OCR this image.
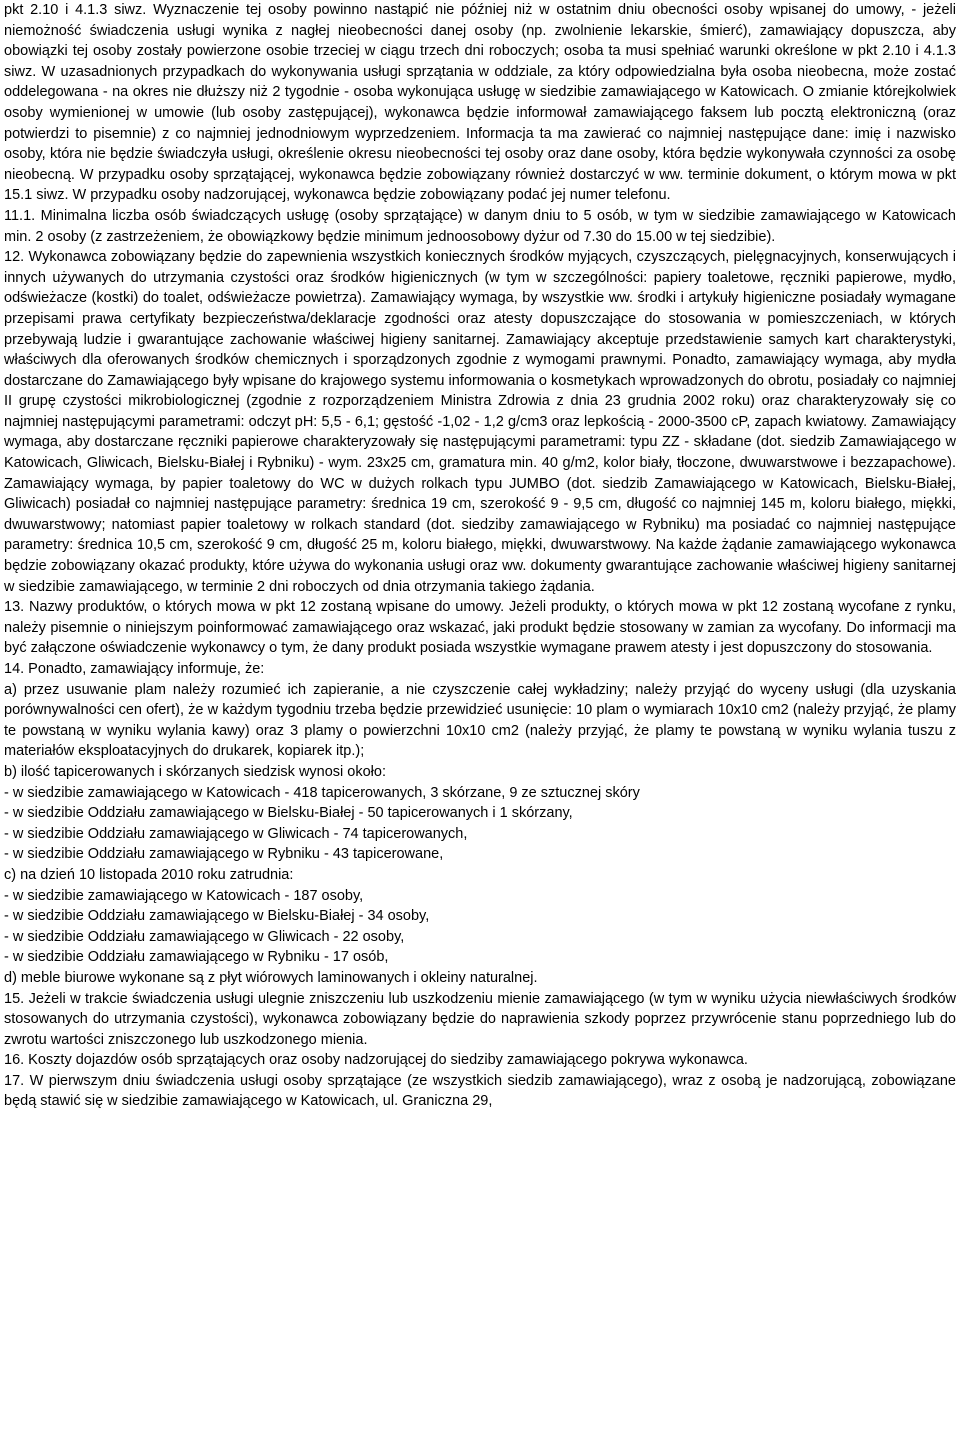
pkt 2.10 i 4.1.3 siwz. Wyznaczenie tej osoby powinno nastąpić nie później niż w ostatnim dniu obecności osoby wpisanej do umowy, - jeżeli niemożność świadczenia usługi wynika z nagłej nieobecności danej osoby (np. zwolnienie lekarskie, śmierć), zamawiający dopuszcza, aby obowiązki tej osoby zostały powierzone osobie trzeciej w ciągu trzech dni roboczych; osoba ta musi spełniać warunki określone w pkt 2.10 i 4.1.3 siwz. W uzasadnionych przypadkach do wykonywania usługi sprzątania w oddziale, za który odpowiedzialna była osoba nieobecna, może zostać oddelegowana - na okres nie dłuższy niż 2 tygodnie - osoba wykonująca usługę w siedzibie zamawiającego w Katowicach. O zmianie którejkolwiek osoby wymienionej w umowie (lub osoby zastępującej), wykonawca będzie informował zamawiającego faksem lub pocztą elektroniczną (oraz potwierdzi to pisemnie) z co najmniej jednodniowym wyprzedzeniem. Informacja ta ma zawierać co najmniej następujące dane: imię i nazwisko osoby, która nie będzie świadczyła usługi, określenie okresu nieobecności tej osoby oraz dane osoby, która będzie wykonywała czynności za osobę nieobecną. W przypadku osoby sprzątającej, wykonawca będzie zobowiązany również dostarczyć w ww. terminie dokument, o którym mowa w pkt 15.1 siwz. W przypadku osoby nadzorującej, wykonawca będzie zobowiązany podać jej numer telefonu.

11.1. Minimalna liczba osób świadczących usługę (osoby sprzątające) w danym dniu to 5 osób, w tym w siedzibie zamawiającego w Katowicach min. 2 osoby (z zastrzeżeniem, że obowiązkowy będzie minimum jednoosobowy dyżur od 7.30 do 15.00 w tej siedzibie).

12. Wykonawca zobowiązany będzie do zapewnienia wszystkich koniecznych środków myjących, czyszczących, pielęgnacyjnych, konserwujących i innych używanych do utrzymania czystości oraz środków higienicznych (w tym w szczególności: papiery toaletowe, ręczniki papierowe, mydło, odświeżacze (kostki) do toalet, odświeżacze powietrza). Zamawiający wymaga, by wszystkie ww. środki i artykuły higieniczne posiadały wymagane przepisami prawa certyfikaty bezpieczeństwa/deklaracje zgodności oraz atesty dopuszczające do stosowania w pomieszczeniach, w których przebywają ludzie i gwarantujące zachowanie właściwej higieny sanitarnej. Zamawiający akceptuje przedstawienie samych kart charakterystyki, właściwych dla oferowanych środków chemicznych i sporządzonych zgodnie z wymogami prawnymi. Ponadto, zamawiający wymaga, aby mydła dostarczane do Zamawiającego były wpisane do krajowego systemu informowania o kosmetykach wprowadzonych do obrotu, posiadały co najmniej II grupę czystości mikrobiologicznej (zgodnie z rozporządzeniem Ministra Zdrowia z dnia 23 grudnia 2002 roku) oraz charakteryzowały się co najmniej następującymi parametrami: odczyt pH: 5,5 - 6,1; gęstość -1,02 - 1,2 g/cm3 oraz lepkością - 2000-3500 cP, zapach kwiatowy. Zamawiający wymaga, aby dostarczane ręczniki papierowe charakteryzowały się następującymi parametrami: typu ZZ - składane (dot. siedzib Zamawiającego w Katowicach, Gliwicach, Bielsku-Białej i Rybniku) - wym. 23x25 cm, gramatura min. 40 g/m2, kolor biały, tłoczone, dwuwarstwowe i bezzapachowe). Zamawiający wymaga, by papier toaletowy do WC w dużych rolkach typu JUMBO (dot. siedzib Zamawiającego w Katowicach, Bielsku-Białej, Gliwicach) posiadał co najmniej następujące parametry: średnica 19 cm, szerokość 9 - 9,5 cm, długość co najmniej 145 m, koloru białego, miękki, dwuwarstwowy; natomiast papier toaletowy w rolkach standard (dot. siedziby zamawiającego w Rybniku) ma posiadać co najmniej następujące parametry: średnica 10,5 cm, szerokość 9 cm, długość 25 m, koloru białego, miękki, dwuwarstwowy. Na każde żądanie zamawiającego wykonawca będzie zobowiązany okazać produkty, które używa do wykonania usługi oraz ww. dokumenty gwarantujące zachowanie właściwej higieny sanitarnej w siedzibie zamawiającego, w terminie 2 dni roboczych od dnia otrzymania takiego żądania.

13. Nazwy produktów, o których mowa w pkt 12 zostaną wpisane do umowy. Jeżeli produkty, o których mowa w pkt 12 zostaną wycofane z rynku, należy pisemnie o niniejszym poinformować zamawiającego oraz wskazać, jaki produkt będzie stosowany w zamian za wycofany. Do informacji ma być załączone oświadczenie wykonawcy o tym, że dany produkt posiada wszystkie wymagane prawem atesty i jest dopuszczony do stosowania.

14. Ponadto, zamawiający informuje, że:

a) przez usuwanie plam należy rozumieć ich zapieranie, a nie czyszczenie całej wykładziny; należy przyjąć do wyceny usługi (dla uzyskania porównywalności cen ofert), że w każdym tygodniu trzeba będzie przewidzieć usunięcie: 10 plam o wymiarach 10x10 cm2 (należy przyjąć, że plamy te powstaną w wyniku wylania kawy) oraz 3 plamy o powierzchni 10x10 cm2 (należy przyjąć, że plamy te powstaną w wyniku wylania tuszu z materiałów eksploatacyjnych do drukarek, kopiarek itp.);

b) ilość tapicerowanych i skórzanych siedzisk wynosi około:

- w siedzibie zamawiającego w Katowicach - 418 tapicerowanych, 3 skórzane, 9 ze sztucznej skóry

- w siedzibie Oddziału zamawiającego w Bielsku-Białej - 50 tapicerowanych i 1 skórzany,

- w siedzibie Oddziału zamawiającego w Gliwicach - 74 tapicerowanych,

- w siedzibie Oddziału zamawiającego w Rybniku - 43 tapicerowane,

c) na dzień 10 listopada 2010 roku zatrudnia:

- w siedzibie zamawiającego w Katowicach - 187 osoby,

- w siedzibie Oddziału zamawiającego w Bielsku-Białej - 34 osoby,

- w siedzibie Oddziału zamawiającego w Gliwicach - 22 osoby,

- w siedzibie Oddziału zamawiającego w Rybniku - 17 osób,

d) meble biurowe wykonane są z płyt wiórowych laminowanych i okleiny naturalnej.

15. Jeżeli w trakcie świadczenia usługi ulegnie zniszczeniu lub uszkodzeniu mienie zamawiającego (w tym w wyniku użycia niewłaściwych środków stosowanych do utrzymania czystości), wykonawca zobowiązany będzie do naprawienia szkody poprzez przywrócenie stanu poprzedniego lub do zwrotu wartości zniszczonego lub uszkodzonego mienia.

16. Koszty dojazdów osób sprzątających oraz osoby nadzorującej do siedziby zamawiającego pokrywa wykonawca.

17. W pierwszym dniu świadczenia usługi osoby sprzątające (ze wszystkich siedzib zamawiającego), wraz z osobą je nadzorującą, zobowiązane będą stawić się w siedzibie zamawiającego w Katowicach, ul. Graniczna 29,
